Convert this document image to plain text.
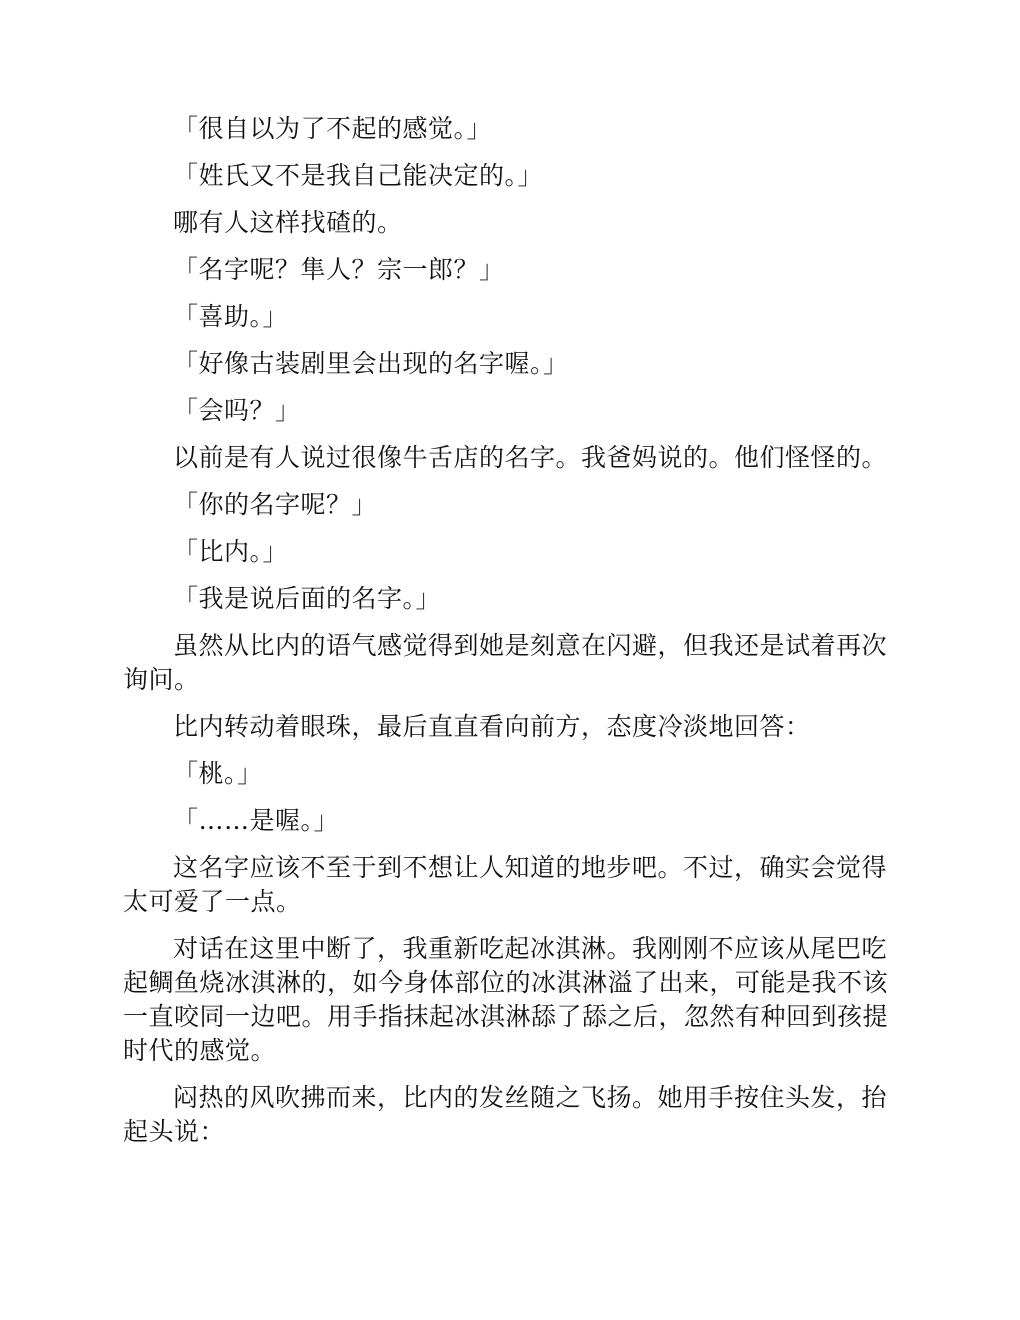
「很自以为了不起的感觉。」

「姓氏又不是我自己能决定的。」

哪有人这样找碴的。

「名字呢？隼人？宗一郎？」

「喜助。」

「好像古装剧里会出现的名字喔。」

「会吗？」

以前是有人说过很像牛舌店的名字。我爸妈说的。他们怪怪的。

「你的名字呢？」

「比内。」

「我是说后面的名字。」

虽然从比内的语气感觉得到她是刻意在闪避，但我还是试着再次询问。

比内转动着眼珠，最后直直看向前方，态度冷淡地回答：

「桃。」

「……是喔。」

这名字应该不至于到不想让人知道的地步吧。不过，确实会觉得太可爱了一点。

对话在这里中断了，我重新吃起冰淇淋。我刚刚不应该从尾巴吃起鲷鱼烧冰淇淋的，如今身体部位的冰淇淋溢了出来，可能是我不该一直咬同一边吧。用手指抹起冰淇淋舔了舔之后，忽然有种回到孩提时代的感觉。

闷热的风吹拂而来，比内的发丝随之飞扬。她用手按住头发，抬起头说：
